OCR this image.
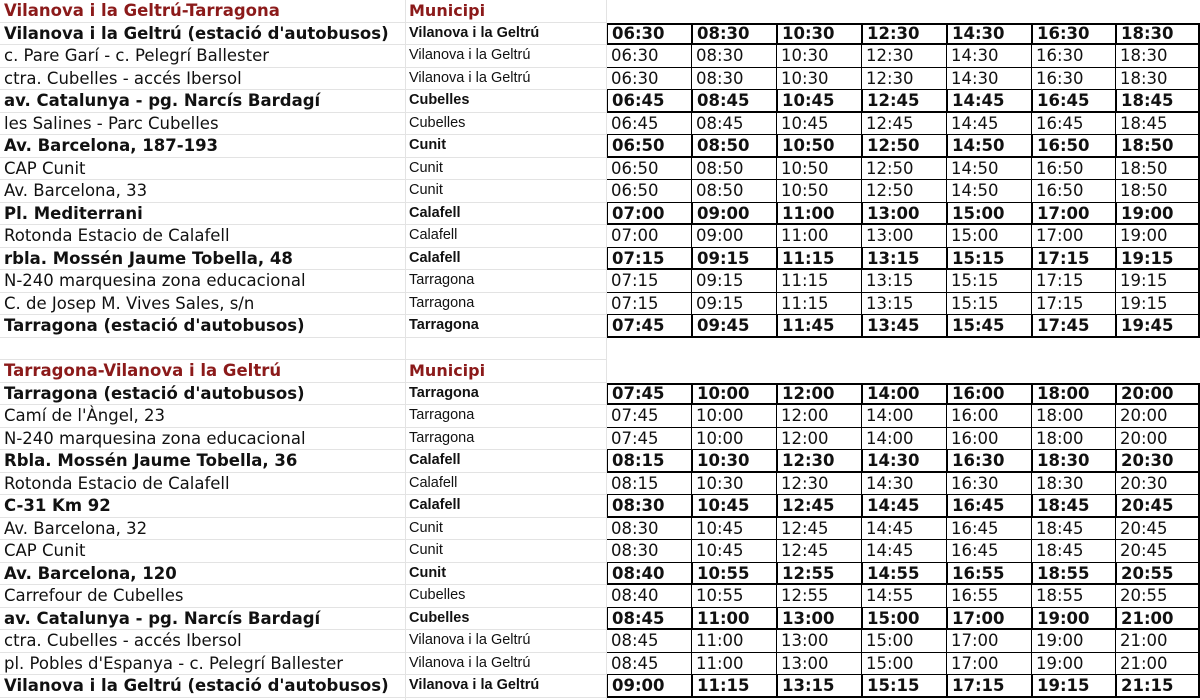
Vilanova i la Geltrú-Tarragona	Municipi
Vilanova i la Geltrú (estació d'autobusos)	Vilanova i la Geltrú	06:30	08:30	10:30	12:30	14:30	16:30	18:30
c. Pare Garí - c. Pelegrí Ballester	Vilanova i la Geltrú	06:30	08:30	10:30	12:30	14:30	16:30	18:30
ctra. Cubelles - accés Ibersol	Vilanova i la Geltrú	06:30	08:30	10:30	12:30	14:30	16:30	18:30
av. Catalunya - pg. Narcís Bardagí	Cubelles	06:45	08:45	10:45	12:45	14:45	16:45	18:45
les Salines - Parc Cubelles	Cubelles	06:45	08:45	10:45	12:45	14:45	16:45	18:45
Av. Barcelona, 187-193	Cunit	06:50	08:50	10:50	12:50	14:50	16:50	18:50
CAP Cunit	Cunit	06:50	08:50	10:50	12:50	14:50	16:50	18:50
Av. Barcelona, 33	Cunit	06:50	08:50	10:50	12:50	14:50	16:50	18:50
Pl. Mediterrani	Calafell	07:00	09:00	11:00	13:00	15:00	17:00	19:00
Rotonda Estacio de Calafell	Calafell	07:00	09:00	11:00	13:00	15:00	17:00	19:00
rbla. Mossén Jaume Tobella, 48	Calafell	07:15	09:15	11:15	13:15	15:15	17:15	19:15
N-240 marquesina zona educacional	Tarragona	07:15	09:15	11:15	13:15	15:15	17:15	19:15
C. de Josep M. Vives Sales, s/n	Tarragona	07:15	09:15	11:15	13:15	15:15	17:15	19:15
Tarragona (estació d'autobusos)	Tarragona	07:45	09:45	11:45	13:45	15:45	17:45	19:45
Tarragona-Vilanova i la Geltrú	Municipi
Tarragona (estació d'autobusos)	Tarragona	07:45	10:00	12:00	14:00	16:00	18:00	20:00
Camí de l'Àngel, 23	Tarragona	07:45	10:00	12:00	14:00	16:00	18:00	20:00
N-240 marquesina zona educacional	Tarragona	07:45	10:00	12:00	14:00	16:00	18:00	20:00
Rbla. Mossén Jaume Tobella, 36	Calafell	08:15	10:30	12:30	14:30	16:30	18:30	20:30
Rotonda Estacio de Calafell	Calafell	08:15	10:30	12:30	14:30	16:30	18:30	20:30
C-31 Km 92	Calafell	08:30	10:45	12:45	14:45	16:45	18:45	20:45
Av. Barcelona, 32	Cunit	08:30	10:45	12:45	14:45	16:45	18:45	20:45
CAP Cunit	Cunit	08:30	10:45	12:45	14:45	16:45	18:45	20:45
Av. Barcelona, 120	Cunit	08:40	10:55	12:55	14:55	16:55	18:55	20:55
Carrefour de Cubelles	Cubelles	08:40	10:55	12:55	14:55	16:55	18:55	20:55
av. Catalunya - pg. Narcís Bardagí	Cubelles	08:45	11:00	13:00	15:00	17:00	19:00	21:00
ctra. Cubelles - accés Ibersol	Vilanova i la Geltrú	08:45	11:00	13:00	15:00	17:00	19:00	21:00
pl. Pobles d'Espanya - c. Pelegrí Ballester	Vilanova i la Geltrú	08:45	11:00	13:00	15:00	17:00	19:00	21:00
Vilanova i la Geltrú (estació d'autobusos)	Vilanova i la Geltrú	09:00	11:15	13:15	15:15	17:15	19:15	21:15
